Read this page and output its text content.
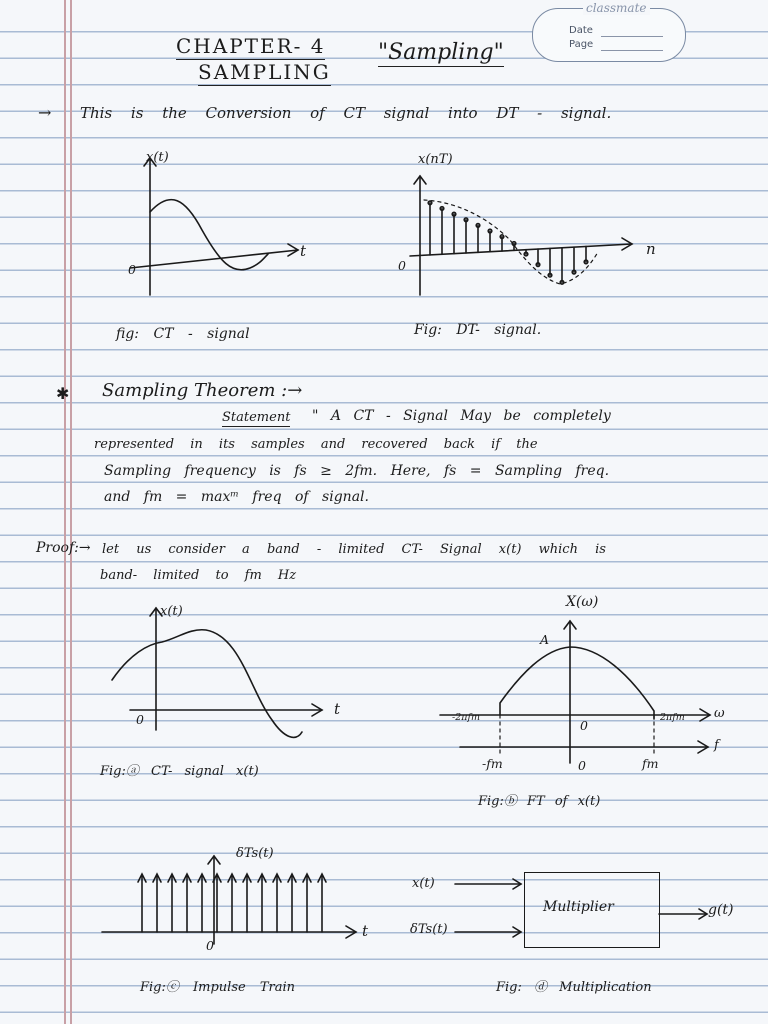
classmate
Date
Page
CHAPTER- 4
SAMPLING
"Sampling"
→ This is the Conversion of CT signal into DT - signal.
x(t)
t
0
fig: CT - signal
x(nT)
n
0
Fig: DT- signal.
✱ Sampling Theorem :→
Statement " A CT - Signal May be completely
represented in its samples and recovered back if the
Sampling frequency is fs ≥ 2fm. Here, fs = Sampling freq.
and fm = maxᵐ freq of signal.
Proof:→ let us consider a band - limited CT- Signal x(t) which is
band- limited to fm Hz
x(t)
t
0
Fig:ⓐ CT- signal x(t)
X(ω)
A
-2πfm
0
2πfm ω
-fm	0	fm
f
Fig:ⓑ FT of x(t)
δTs(t)
t
0
Fig:ⓒ Impulse Train
x(t)
δTs(t)
Multiplier	g(t)
Fig: ⓓ Multiplication
